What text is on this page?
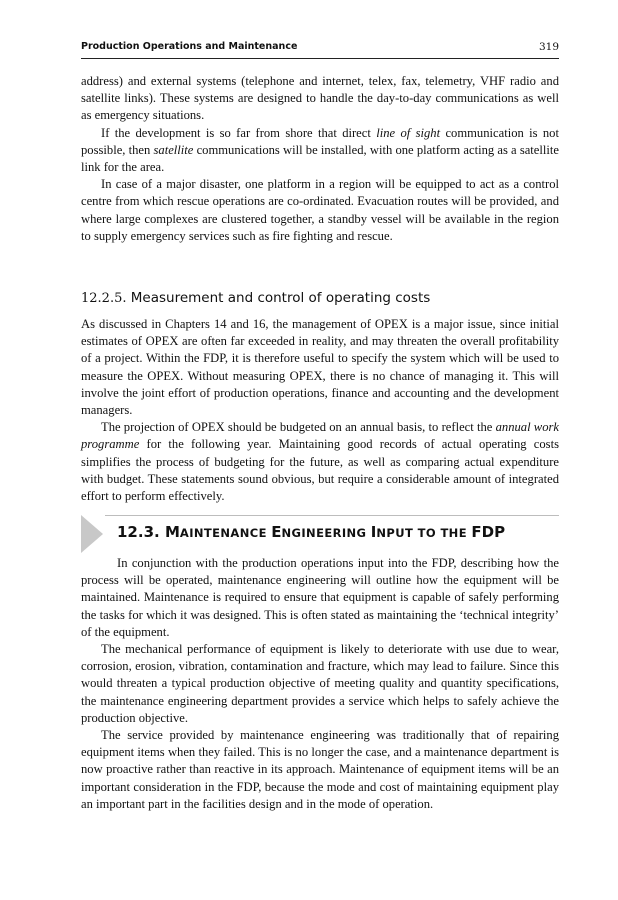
Production Operations and Maintenance	319

address) and external systems (telephone and internet, telex, fax, telemetry, VHF radio and satellite links). These systems are designed to handle the day-to-day communications as well as emergency situations.

If the development is so far from shore that direct line of sight communication is not possible, then satellite communications will be installed, with one platform acting as a satellite link for the area.

In case of a major disaster, one platform in a region will be equipped to act as a control centre from which rescue operations are co-ordinated. Evacuation routes will be provided, and where large complexes are clustered together, a standby vessel will be available in the region to supply emergency services such as fire fighting and rescue.

12.2.5. Measurement and control of operating costs

As discussed in Chapters 14 and 16, the management of OPEX is a major issue, since initial estimates of OPEX are often far exceeded in reality, and may threaten the overall profitability of a project. Within the FDP, it is therefore useful to specify the system which will be used to measure the OPEX. Without measuring OPEX, there is no chance of managing it. This will involve the joint effort of production operations, finance and accounting and the development managers.

The projection of OPEX should be budgeted on an annual basis, to reflect the annual work programme for the following year. Maintaining good records of actual operating costs simplifies the process of budgeting for the future, as well as comparing actual expenditure with budget. These statements sound obvious, but require a considerable amount of integrated effort to perform effectively.

12.3. MAINTENANCE ENGINEERING INPUT TO THE FDP

In conjunction with the production operations input into the FDP, describing how the process will be operated, maintenance engineering will outline how the equipment will be maintained. Maintenance is required to ensure that equipment is capable of safely performing the tasks for which it was designed. This is often stated as maintaining the ‘technical integrity’ of the equipment.

The mechanical performance of equipment is likely to deteriorate with use due to wear, corrosion, erosion, vibration, contamination and fracture, which may lead to failure. Since this would threaten a typical production objective of meeting quality and quantity specifications, the maintenance engineering department provides a service which helps to safely achieve the production objective.

The service provided by maintenance engineering was traditionally that of repairing equipment items when they failed. This is no longer the case, and a maintenance department is now proactive rather than reactive in its approach. Maintenance of equipment items will be an important consideration in the FDP, because the mode and cost of maintaining equipment play an important part in the facilities design and in the mode of operation.
